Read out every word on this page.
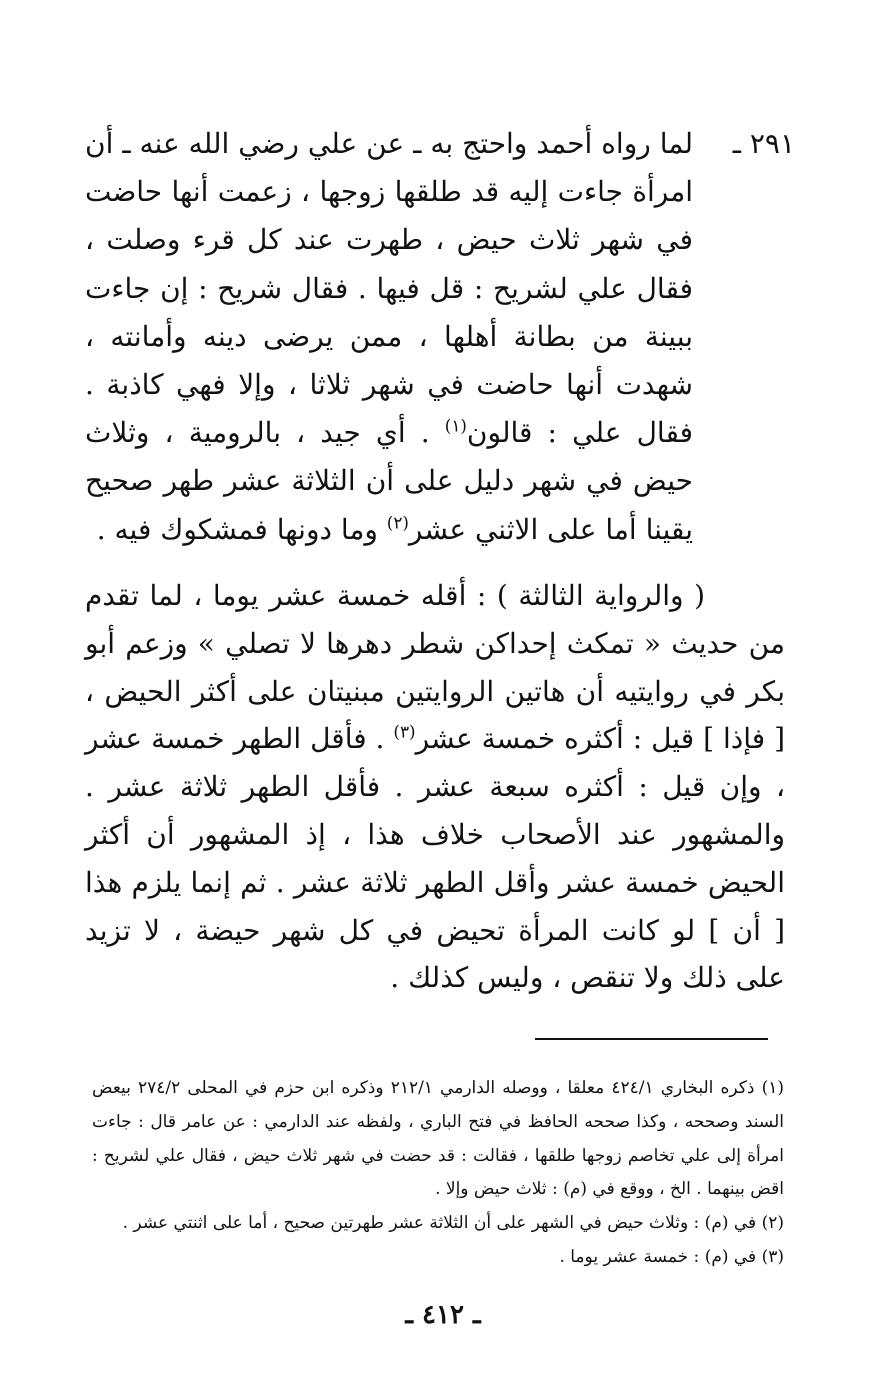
٢٩١ ـ
لما رواه أحمد واحتج به ـ عن علي رضي الله عنه ـ أن امرأة جاءت إليه قد طلقها زوجها ، زعمت أنها حاضت في شهر ثلاث حيض ، طهرت عند كل قرء وصلت ، فقال علي لشريح : قل فيها . فقال شريح : إن جاءت ببينة من بطانة أهلها ، ممن يرضى دينه وأمانته ، شهدت أنها حاضت في شهر ثلاثا ، وإلا فهي كاذبة . فقال علي : قالون$^{(١)}$ . أي جيد ، بالرومية ، وثلاث حيض في شهر دليل على أن الثلاثة عشر طهر صحيح يقينا أما على الاثني عشر$^{(٢)}$ وما دونها فمشكوك فيه .
( والرواية الثالثة ) : أقله خمسة عشر يوما ، لما تقدم من حديث « تمكث إحداكن شطر دهرها لا تصلي » وزعم أبو بكر في روايتيه أن هاتين الروايتين مبنيتان على أكثر الحيض ، [ فإذا ] قيل : أكثره خمسة عشر$^{(٣)}$ . فأقل الطهر خمسة عشر ، وإن قيل : أكثره سبعة عشر . فأقل الطهر ثلاثة عشر . والمشهور عند الأصحاب خلاف هذا ، إذ المشهور أن أكثر الحيض خمسة عشر وأقل الطهر ثلاثة عشر . ثم إنما يلزم هذا [ أن ] لو كانت المرأة تحيض في كل شهر حيضة ، لا تزيد على ذلك ولا تنقص ، وليس كذلك .

(١) ذكره البخاري ٤٢٤/١ معلقا ، ووصله الدارمي ٢١٢/١ وذكره ابن حزم في المحلى ٢٧٤/٢ بيعض السند وصححه ، وكذا صححه الحافظ في فتح الباري ، ولفظه عند الدارمي : عن عامر قال : جاءت امرأة إلى علي تخاصم زوجها طلقها ، فقالت : قد حضت في شهر ثلاث حيض ، فقال علي لشريح : اقض بينهما . الخ ، ووقع في (م) : ثلاث حيض وإلا .

(٢) في (م) : وثلاث حيض في الشهر على أن الثلاثة عشر طهرتين صحيح ، أما على اثنتي عشر .

(٣) في (م) : خمسة عشر يوما .

ـ ٤١٢ ـ
